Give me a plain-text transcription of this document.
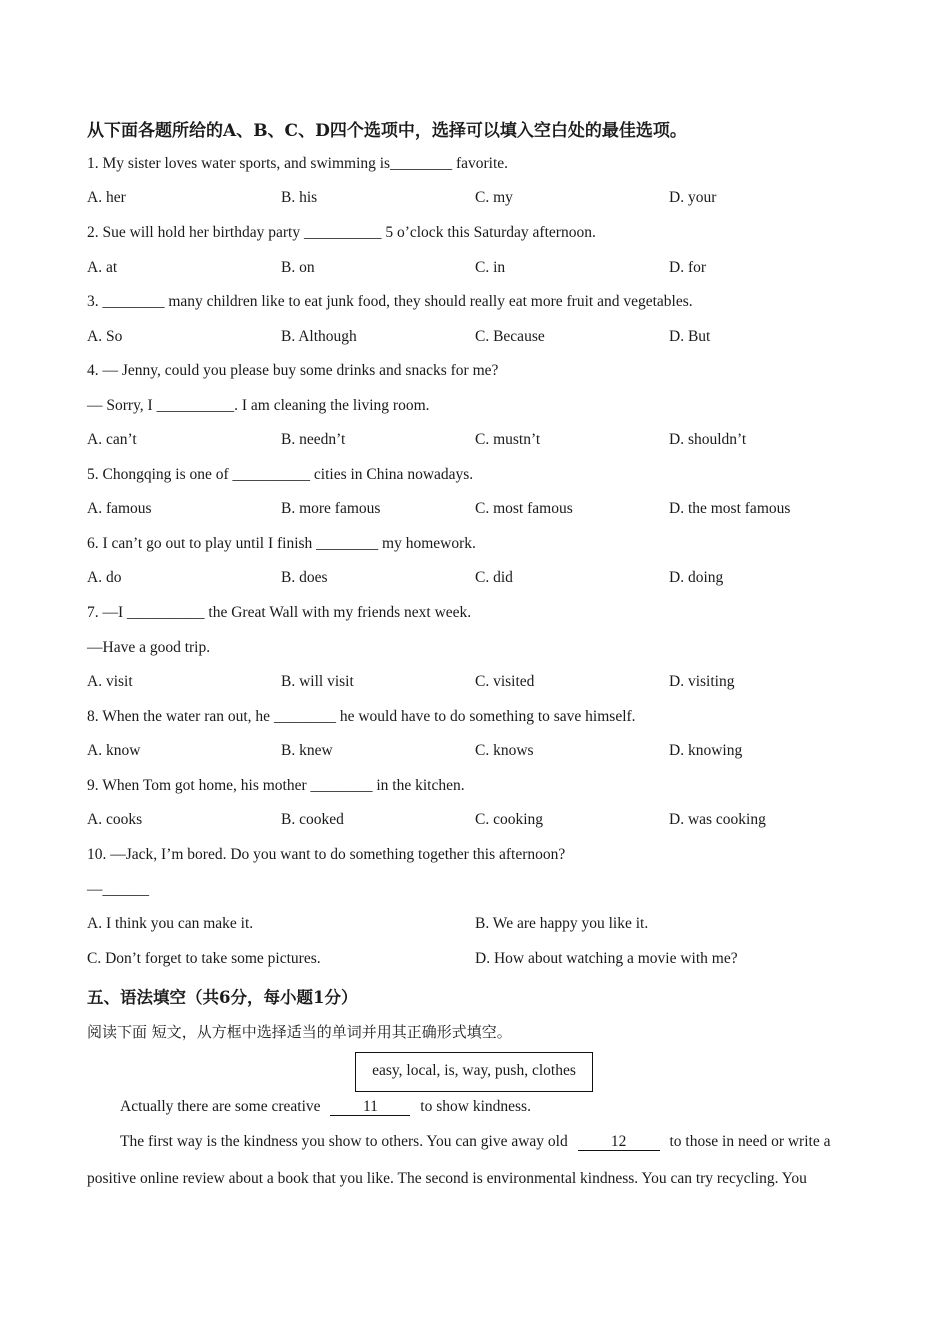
从下面各题所给的A、B、C、D四个选项中，选择可以填入空白处的最佳选项。
1. My sister loves water sports, and swimming is________ favorite.
A. her	B. his	C. my	D. your
2. Sue will hold her birthday party __________ 5 o’clock this Saturday afternoon.
A. at	B. on	C. in	D. for
3. ________ many children like to eat junk food, they should really eat more fruit and vegetables.
A. So	B. Although	C. Because	D. But
4. — Jenny, could you please buy some drinks and snacks for me?
— Sorry, I __________. I am cleaning the living room.
A. can’t	B. needn’t	C. mustn’t	D. shouldn’t
5. Chongqing is one of __________ cities in China nowadays.
A. famous	B. more famous	C. most famous	D. the most famous
6. I can’t go out to play until I finish ________ my homework.
A. do	B. does	C. did	D. doing
7. —I __________ the Great Wall with my friends next week.
—Have a good trip.
A. visit	B. will visit	C. visited	D. visiting
8. When the water ran out, he ________ he would have to do something to save himself.
A. know	B. knew	C. knows	D. knowing
9. When Tom got home, his mother ________ in the kitchen.
A. cooks	B. cooked	C. cooking	D. was cooking
10. —Jack, I’m bored. Do you want to do something together this afternoon?
—______
A. I think you can make it.	B. We are happy you like it.
C. Don’t forget to take some pictures.	D. How about watching a movie with me?
五、语法填空（共6分，每小题1分）
阅读下面 短文，从方框中选择适当的单词并用其正确形式填空。
easy, local, is, way, push, clothes
Actually there are some creative	11	to show kindness.
The first way is the kindness you show to others. You can give away old	12	to those in need or write a
positive online review about a book that you like. The second is environmental kindness. You can try recycling. You
